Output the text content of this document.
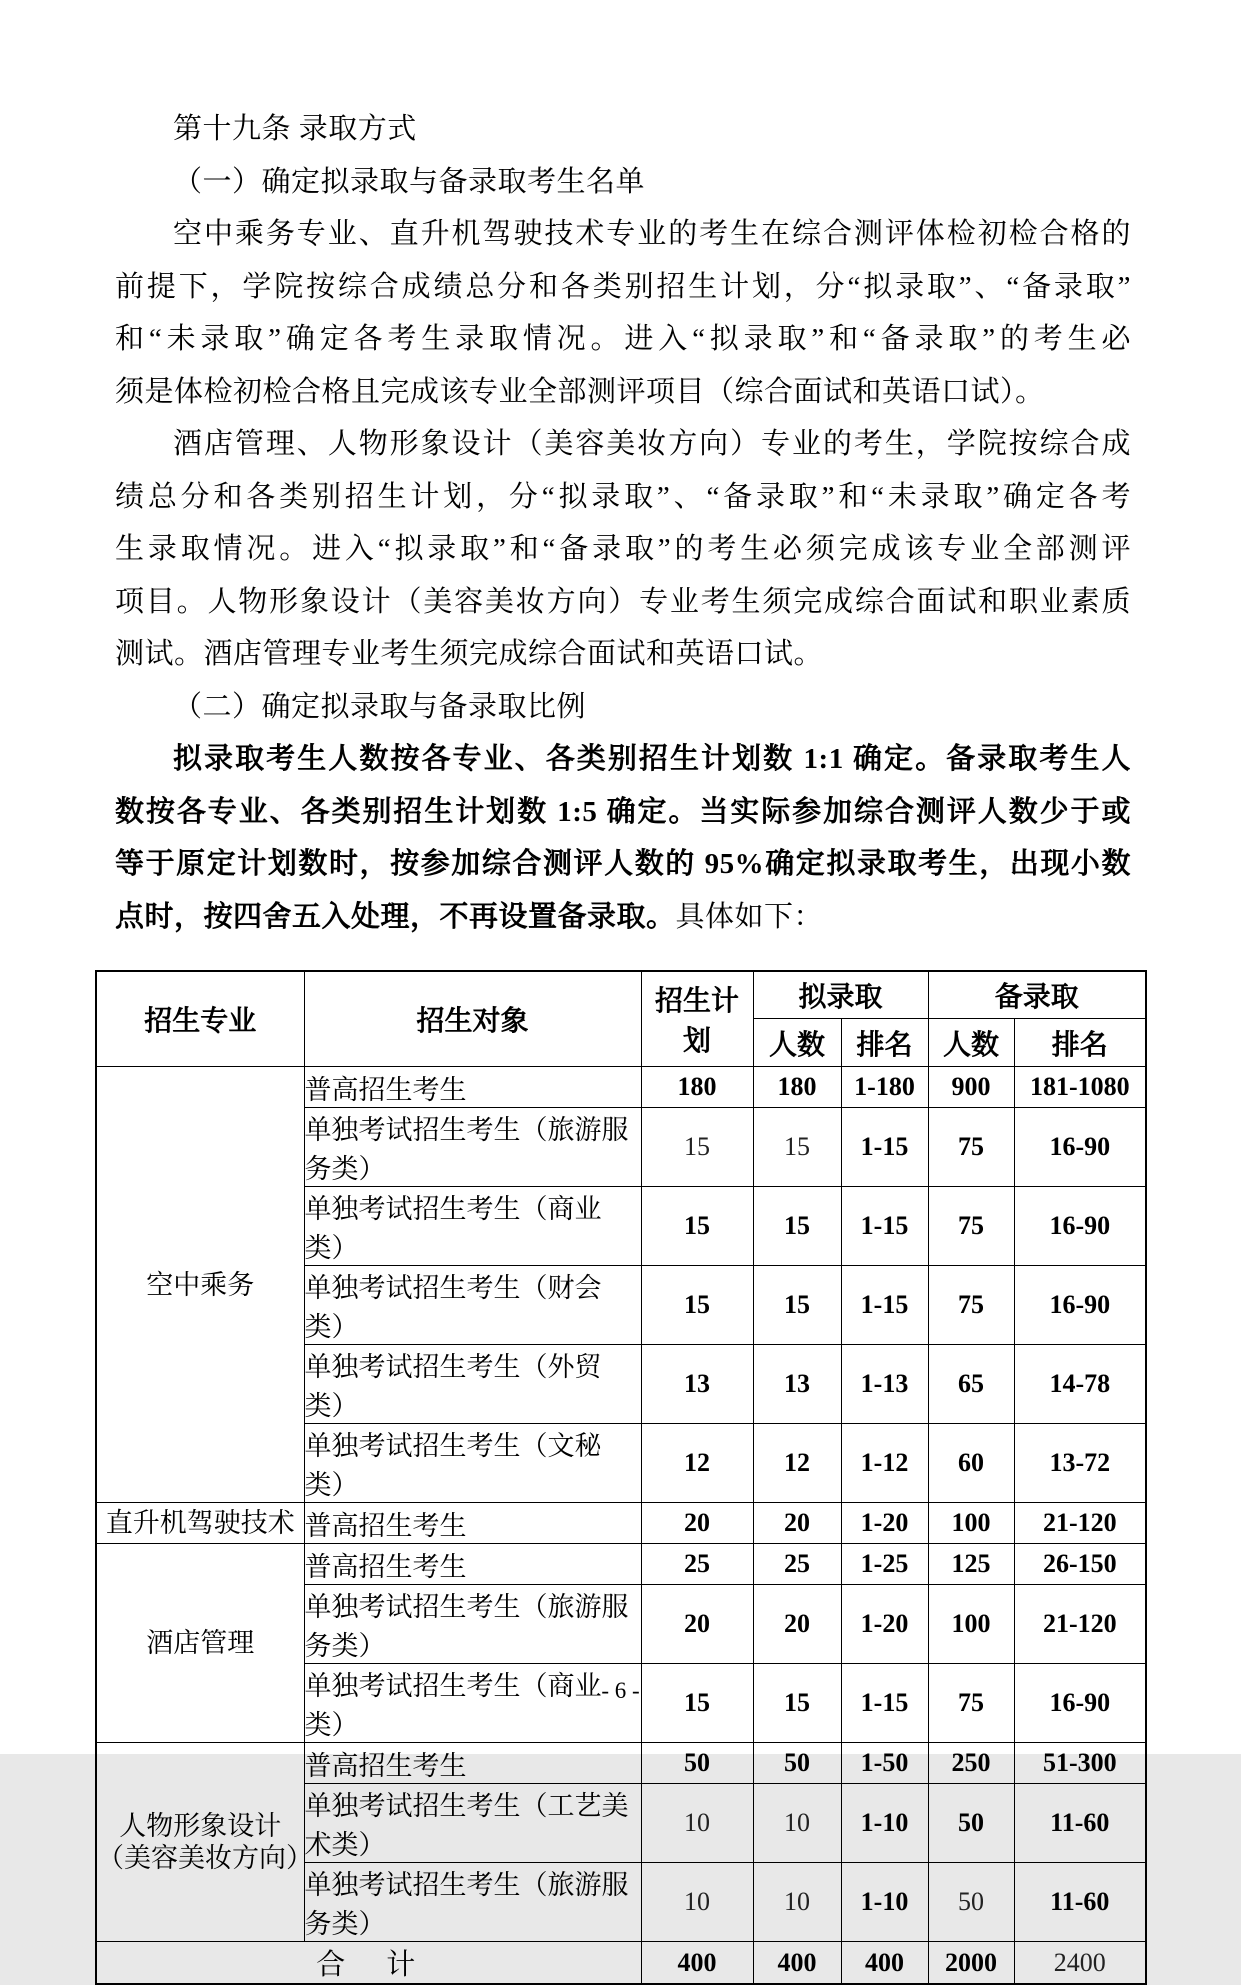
第十九条 录取方式
（一）确定拟录取与备录取考生名单
空中乘务专业、直升机驾驶技术专业的考生在综合测评体检初检合格的
前提下，学院按综合成绩总分和各类别招生计划，分“拟录取”、“备录取”
和“未录取”确定各考生录取情况。进入“拟录取”和“备录取”的考生必
须是体检初检合格且完成该专业全部测评项目（综合面试和英语口试）。
酒店管理、人物形象设计（美容美妆方向）专业的考生，学院按综合成
绩总分和各类别招生计划，分“拟录取”、“备录取”和“未录取”确定各考
生录取情况。进入“拟录取”和“备录取”的考生必须完成该专业全部测评
项目。人物形象设计（美容美妆方向）专业考生须完成综合面试和职业素质
测试。酒店管理专业考生须完成综合面试和英语口试。
（二）确定拟录取与备录取比例
拟录取考生人数按各专业、各类别招生计划数 1:1 确定。备录取考生人
数按各专业、各类别招生计划数 1:5 确定。当实际参加综合测评人数少于或
等于原定计划数时，按参加综合测评人数的 95%确定拟录取考生，出现小数
点时，按四舍五入处理，不再设置备录取。具体如下：
招生专业	招生对象	招生计划	拟录取		备录取	
			人数	排名	人数	排名

空中乘务	普高招生考生	180	180	1-180	900	181-1080
	单独考试招生考生（旅游服务类）	15	15	1-15	75	16-90
	单独考试招生考生（商业类）	15	15	1-15	75	16-90
	单独考试招生考生（财会类）	15	15	1-15	75	16-90
	单独考试招生考生（外贸类）	13	13	1-13	65	14-78
	单独考试招生考生（文秘类）	12	12	1-12	60	13-72

直升机驾驶技术	普高招生考生	20	20	1-20	100	21-120

酒店管理	普高招生考生	25	25	1-25	125	26-150
	单独考试招生考生（旅游服务类）	20	20	1-20	100	21-120
	单独考试招生考生（商业类）	15	15	1-15	75	16-90

人物形象设计
（美容美妆方向）	普高招生考生	50	50	1-50	250	51-300
	单独考试招生考生（工艺美术类）	10	10	1-10	50	11-60
	单独考试招生考生（旅游服务类）	10	10	1-10	50	11-60
合　计		400	400	400	2000	2400
- 6 -
